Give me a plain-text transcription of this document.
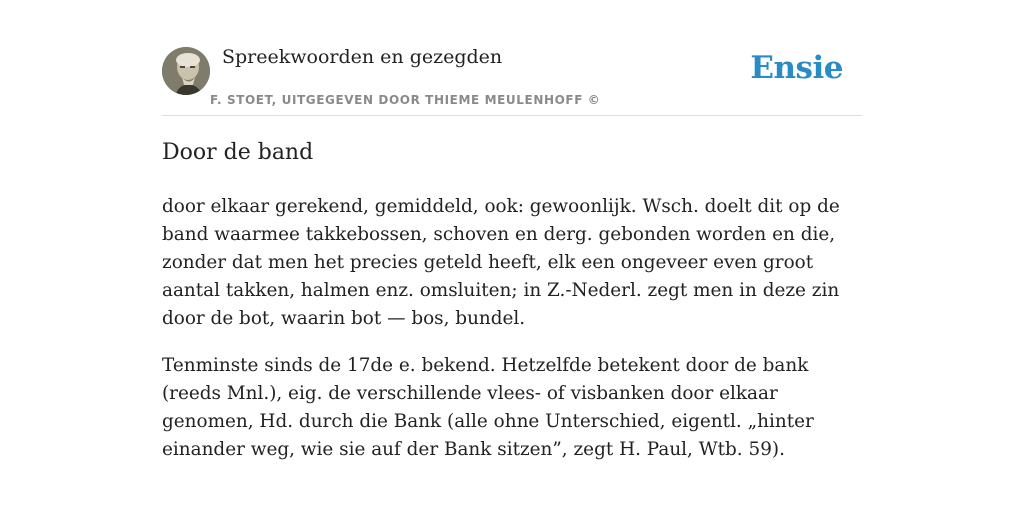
Spreekwoorden en gezegden
F. STOET, UITGEGEVEN DOOR THIEME MEULENHOFF ©
Ensie
Door de band

door elkaar gerekend, gemiddeld, ook: gewoonlijk. Wsch. doelt dit op de band waarmee takkebossen, schoven en derg. gebonden worden en die, zonder dat men het precies geteld heeft, elk een ongeveer even groot aantal takken, halmen enz. omsluiten; in Z.-Nederl. zegt men in deze zin door de bot, waarin bot — bos, bundel.

Tenminste sinds de 17de e. bekend. Hetzelfde betekent door de bank (reeds Mnl.), eig. de verschillende vlees- of visbanken door elkaar genomen, Hd. durch die Bank (alle ohne Unterschied, eigentl. „hinter einander weg, wie sie auf der Bank sitzen”, zegt H. Paul, Wtb. 59).
